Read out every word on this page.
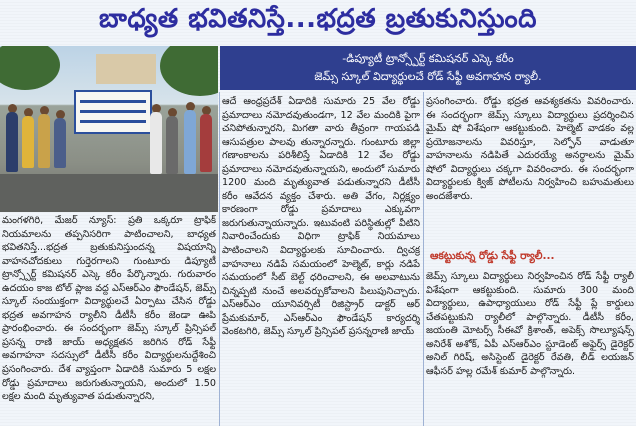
బాధ్యత భవితనిస్తే...భద్రత బ్రతుకునిస్తుంది
-డిప్యూటీ ట్రాన్స్పోర్ట్ కమిషనర్ ఎస్కె కరీం
జెమ్స్ స్కూల్ విద్యార్థులచే రోడ్ సేఫ్టీ అవగాహన ర్యాలీ.

మంగళగిరి, మేజర్ న్యూస్: ప్రతి ఒక్కరూ ట్రాఫిక్ నియమాలను తప్పనిసరిగా పాటించాలని, బాధ్యత భవితనిస్తే...భద్రత బ్రతుకునిస్తుందన్న విషయాన్ని వాహనచోదకులు గుర్తెరగాలని గుంటూరు డిప్యూటీ ట్రాన్స్పోర్ట్ కమిషనర్ ఎస్కె కరీం పేర్కొన్నారు. గురువారం ఉదయం కాజ టోల్ ప్లాజ వద్ద ఎస్ఆర్ఎం ఫౌండేషన్, జెమ్స్ స్కూల్ సంయుక్తంగా విద్యార్థులచే ఏర్పాటు చేసిన రోడ్డు భద్రత అవగాహన ర్యాలీని డీటీసీ కరీం జెండా ఊపి ప్రారంభించారు. ఈ సందర్భంగా జెమ్స్ స్కూల్ ప్రిన్సిపల్ ప్రసన్న రాణి జాయ్ అధ్యక్షతన జరిగిన రోడ్ సేఫ్టీ అవగాహనా సదస్సులో డీటీసీ కరీం విద్యార్థులనుద్దేశించి ప్రసంగించారు. దేశ వ్యాప్తంగా ఏడాదికి సుమారు 5 లక్షల రోడ్డు ప్రమాదాలు జరుగుతున్నాయని, అందులో 1.50 లక్షల మంది మృత్యువాత పడుతున్నారని,

ఆదే ఆంధ్రప్రదేశ్ ఏడాదికి సుమారు 25 వేల రోడ్డు ప్రమాదాలు నమోదవుతుండగా, 12 వేల మందికి పైగా చనిపోతున్నారని, మిగతా వారు తీవ్రంగా గాయపడి ఆసుపత్రుల పాలవు తున్నారన్నారు. గుంటూరు జిల్లా గణాంకాలను పరిశీలిస్తే ఏడాదికి 12 వేల రోడ్డు ప్రమాదాలు నమోదవుతున్నాయని, అందులో సుమారు 1200 మంది మృత్యువాత పడుతున్నారని డీటీసీ కరీం ఆవేదన వ్యక్తం చేశారు. అతి వేగం, నిర్లక్ష్యం కారణంగా రోడ్డు ప్రమాదాలు ఎక్కువగా జరుగుతున్నాయన్నారు. ఇటువంటి పరిస్థితుల్లో వీటిని నివారించేందుకు విధిగా ట్రాఫిక్ నియమాలు పాటించాలని విద్యార్థులకు సూచించారు. ద్విచక్ర వాహనాలు నడిపే సమయంలో హెల్మెట్, కార్లు నడిపే సమయంలో సీట్ బెల్ట్ ధరించాలని, ఈ అలవాటును చిన్నప్పటి నుంచే అలవర్చుకోవాలని పిలుపునిచ్చారు. ఎస్ఆర్ఎం యూనివర్సిటీ రిజిస్ట్రార్ డాక్టర్ ఆర్ ప్రేమకుమార్, ఎస్ఆర్ఎం ఫౌండేషన్ కార్యదర్శి వెంకటగిరి, జెమ్స్ స్కూల్ ప్రిన్సిపల్ ప్రసన్నరాణి జాయ్

ప్రసంగించారు. రోడ్డు భద్రత ఆవశ్యకతను వివరించారు. ఈ సందర్భంగా జెమ్స్ స్కూలు విద్యార్థులు ప్రదర్శించిన మైమ్ షో విశేషంగా ఆకట్టుకుంది. హెల్మెట్ వాడకం వల్ల ప్రయోజనాలను వివరిస్తూ, సెల్ఫోన్ వాడుతూ వాహనాలను నడిపితే ఎదురయ్యే అనర్థాలను మైమ్ షోలో విద్యార్థులు చక్కగా వివరించారు. ఈ సందర్భంగా విద్యార్థులకు క్విజ్ పోటీలను నిర్వహించి బహుమతులు అందజేశారు.

ఆకట్టుకున్న రోడ్డు సేఫ్టీ ర్యాలీ...

జెమ్స్ స్కూలు విద్యార్థులు నిర్వహించిన రోడ్ సేఫ్టీ ర్యాలీ విశేషంగా ఆకట్టుకుంది. సుమారు 300 మంది విద్యార్థులు, ఉపాధ్యాయులు రోడ్ సేఫ్టీ ప్లే కార్డులు చేతపట్టుకుని ర్యాలీలో పాల్గొన్నారు. డీటీసీ కరీం, జయంతి మోటర్స్ సీఈవో క్రిశాంత్, అపెక్స్ సొల్యూషన్స్ అనిరేశ్ అశోక్, ఏపీ ఎస్ఆర్ఎం స్టూడెంట్ అఫైర్స్ డైరెక్టర్ అనిల్ గిరిష్, అసిస్టెంట్ డైరెక్టర్ రేవతి, లీడ్ లయజన్ ఆఫీసర్ హల్ల రమేశ్ కుమార్ పాల్గొన్నారు.
